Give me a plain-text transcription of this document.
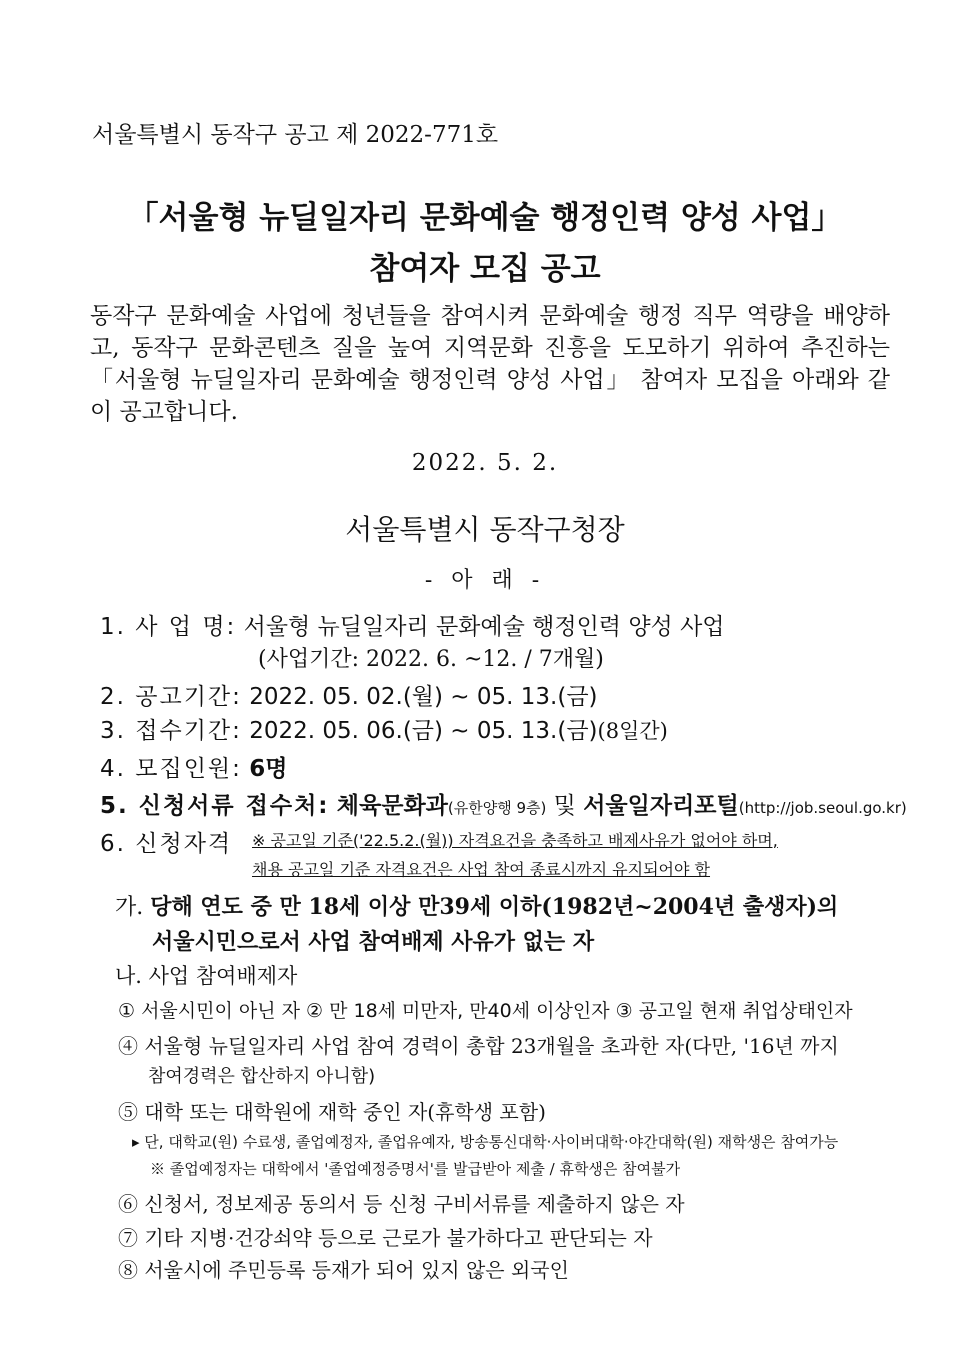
서울특별시 동작구 공고 제 2022-771호
「서울형 뉴딜일자리 문화예술 행정인력 양성 사업」
참여자 모집 공고
동작구 문화예술 사업에 청년들을 참여시켜 문화예술 행정 직무 역량을 배양하고, 동작구 문화콘텐츠 질을 높여 지역문화 진흥을 도모하기 위하여 추진하는 「서울형 뉴딜일자리 문화예술 행정인력 양성 사업」 참여자 모집을 아래와 같이 공고합니다.
2022. 5. 2.
서울특별시 동작구청장
- 아 래 -
1. 사 업 명: 서울형 뉴딜일자리 문화예술 행정인력 양성 사업
(사업기간: 2022. 6. ~12. / 7개월)
2. 공고기간: 2022. 05. 02.(월) ~ 05. 13.(금)
3. 접수기간: 2022. 05. 06.(금) ~ 05. 13.(금)(8일간)
4. 모집인원: 6명
5. 신청서류 접수처: 체육문화과(유한양행 9층) 및 서울일자리포털(http://job.seoul.go.kr)
6. 신청자격 ※ 공고일 기준('22.5.2.(월)) 자격요건을 충족하고 배제사유가 없어야 하며,
채용 공고일 기준 자격요건은 사업 참여 종료시까지 유지되어야 함
가. 당해 연도 중 만 18세 이상 만39세 이하(1982년~2004년 출생자)의
서울시민으로서 사업 참여배제 사유가 없는 자
나. 사업 참여배제자
① 서울시민이 아닌 자 ② 만 18세 미만자, 만40세 이상인자 ③ 공고일 현재 취업상태인자
④ 서울형 뉴딜일자리 사업 참여 경력이 총합 23개월을 초과한 자(다만, '16년 까지
참여경력은 합산하지 아니함)
⑤ 대학 또는 대학원에 재학 중인 자(휴학생 포함)
▸ 단, 대학교(원) 수료생, 졸업예정자, 졸업유예자, 방송통신대학·사이버대학·야간대학(원) 재학생은 참여가능
※ 졸업예정자는 대학에서 '졸업예정증명서'를 발급받아 제출 / 휴학생은 참여불가
⑥ 신청서, 정보제공 동의서 등 신청 구비서류를 제출하지 않은 자
⑦ 기타 지병·건강쇠약 등으로 근로가 불가하다고 판단되는 자
⑧ 서울시에 주민등록 등재가 되어 있지 않은 외국인
